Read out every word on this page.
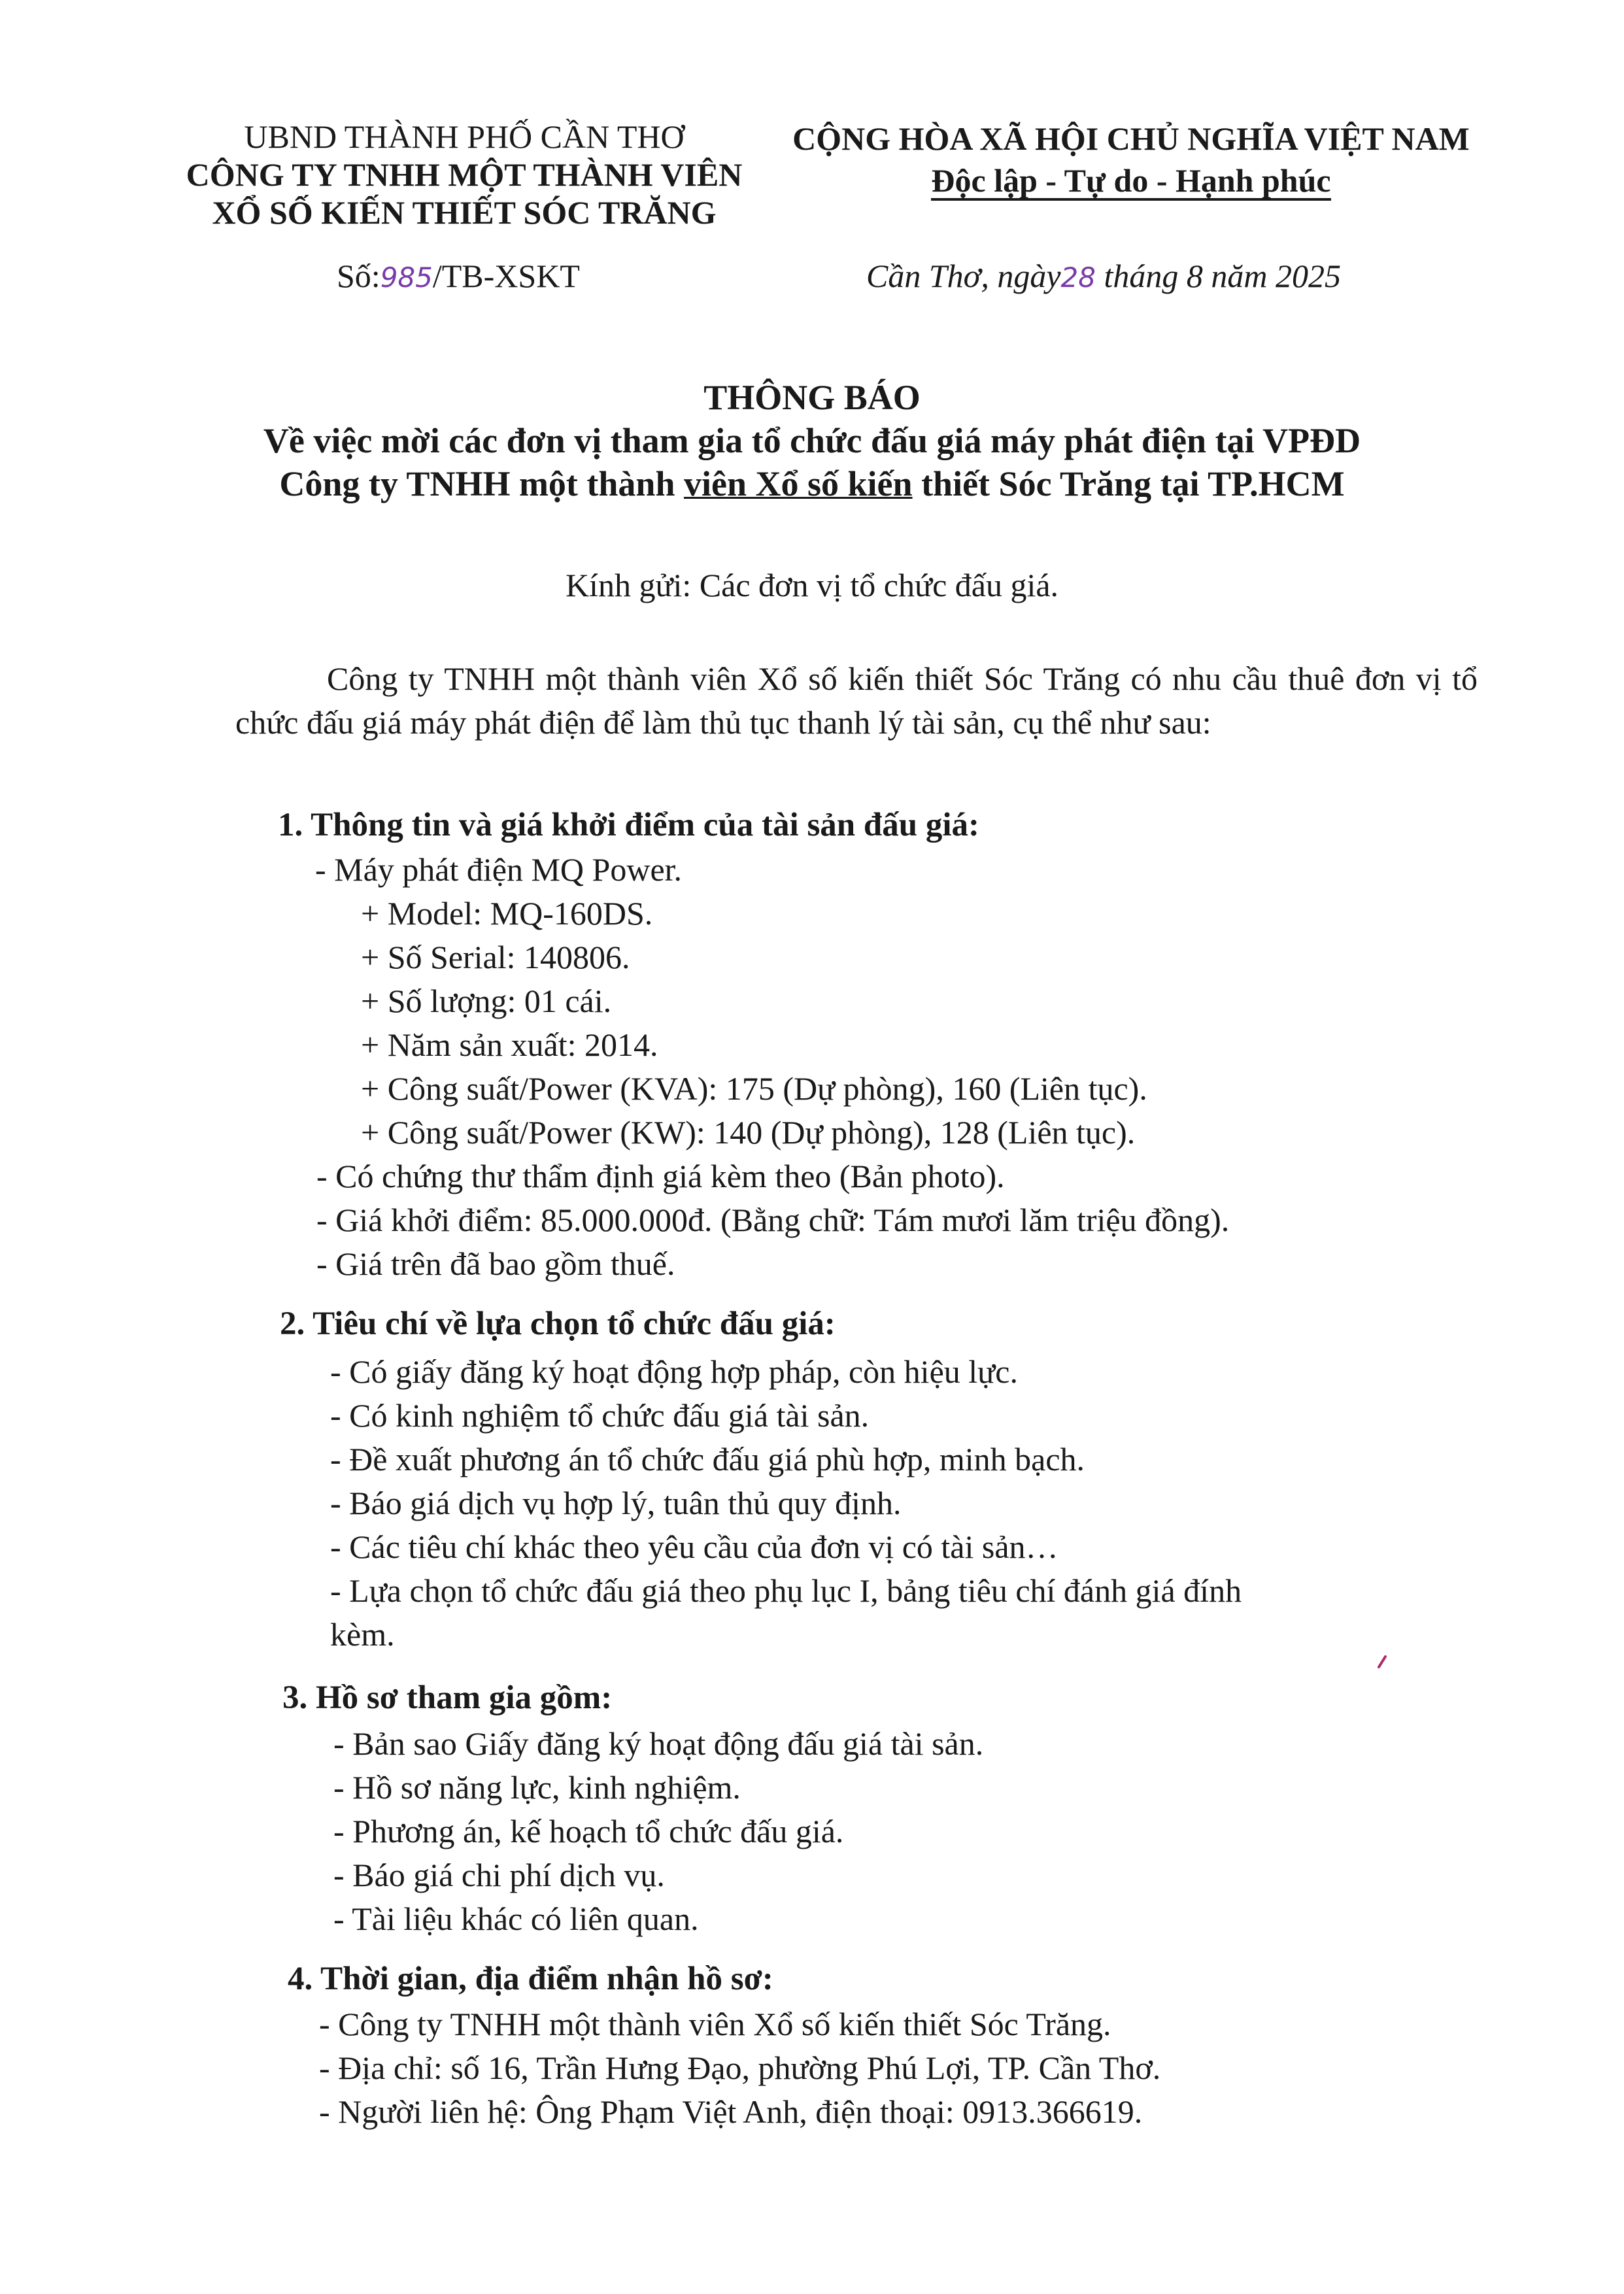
UBND THÀNH PHỐ CẦN THƠ
CÔNG TY TNHH MỘT THÀNH VIÊN
XỔ SỐ KIẾN THIẾT SÓC TRĂNG
CỘNG HÒA XÃ HỘI CHỦ NGHĨA VIỆT NAM
Độc lập - Tự do - Hạnh phúc
Số:985/TB-XSKT	Cần Thơ, ngày28 tháng 8 năm 2025
THÔNG BÁO
Về việc mời các đơn vị tham gia tổ chức đấu giá máy phát điện tại VPĐD
Công ty TNHH một thành viên Xổ số kiến thiết Sóc Trăng tại TP.HCM
Kính gửi: Các đơn vị tổ chức đấu giá.
Công ty TNHH một thành viên Xổ số kiến thiết Sóc Trăng có nhu cầu thuê đơn vị tổ chức đấu giá máy phát điện để làm thủ tục thanh lý tài sản, cụ thể như sau:
1. Thông tin và giá khởi điểm của tài sản đấu giá:
- Máy phát điện MQ Power.
+ Model: MQ-160DS.
+ Số Serial: 140806.
+ Số lượng: 01 cái.
+ Năm sản xuất: 2014.
+ Công suất/Power (KVA): 175 (Dự phòng), 160 (Liên tục).
+ Công suất/Power (KW): 140 (Dự phòng), 128 (Liên tục).
- Có chứng thư thẩm định giá kèm theo (Bản photo).
- Giá khởi điểm: 85.000.000đ. (Bằng chữ: Tám mươi lăm triệu đồng).
- Giá trên đã bao gồm thuế.
2. Tiêu chí về lựa chọn tổ chức đấu giá:
- Có giấy đăng ký hoạt động hợp pháp, còn hiệu lực.
- Có kinh nghiệm tổ chức đấu giá tài sản.
- Đề xuất phương án tổ chức đấu giá phù hợp, minh bạch.
- Báo giá dịch vụ hợp lý, tuân thủ quy định.
- Các tiêu chí khác theo yêu cầu của đơn vị có tài sản…
- Lựa chọn tổ chức đấu giá theo phụ lục I, bảng tiêu chí đánh giá đính
kèm.
3. Hồ sơ tham gia gồm:
- Bản sao Giấy đăng ký hoạt động đấu giá tài sản.
- Hồ sơ năng lực, kinh nghiệm.
- Phương án, kế hoạch tổ chức đấu giá.
- Báo giá chi phí dịch vụ.
- Tài liệu khác có liên quan.
4. Thời gian, địa điểm nhận hồ sơ:
- Công ty TNHH một thành viên Xổ số kiến thiết Sóc Trăng.
- Địa chỉ: số 16, Trần Hưng Đạo, phường Phú Lợi, TP. Cần Thơ.
- Người liên hệ: Ông Phạm Việt Anh, điện thoại: 0913.366619.
